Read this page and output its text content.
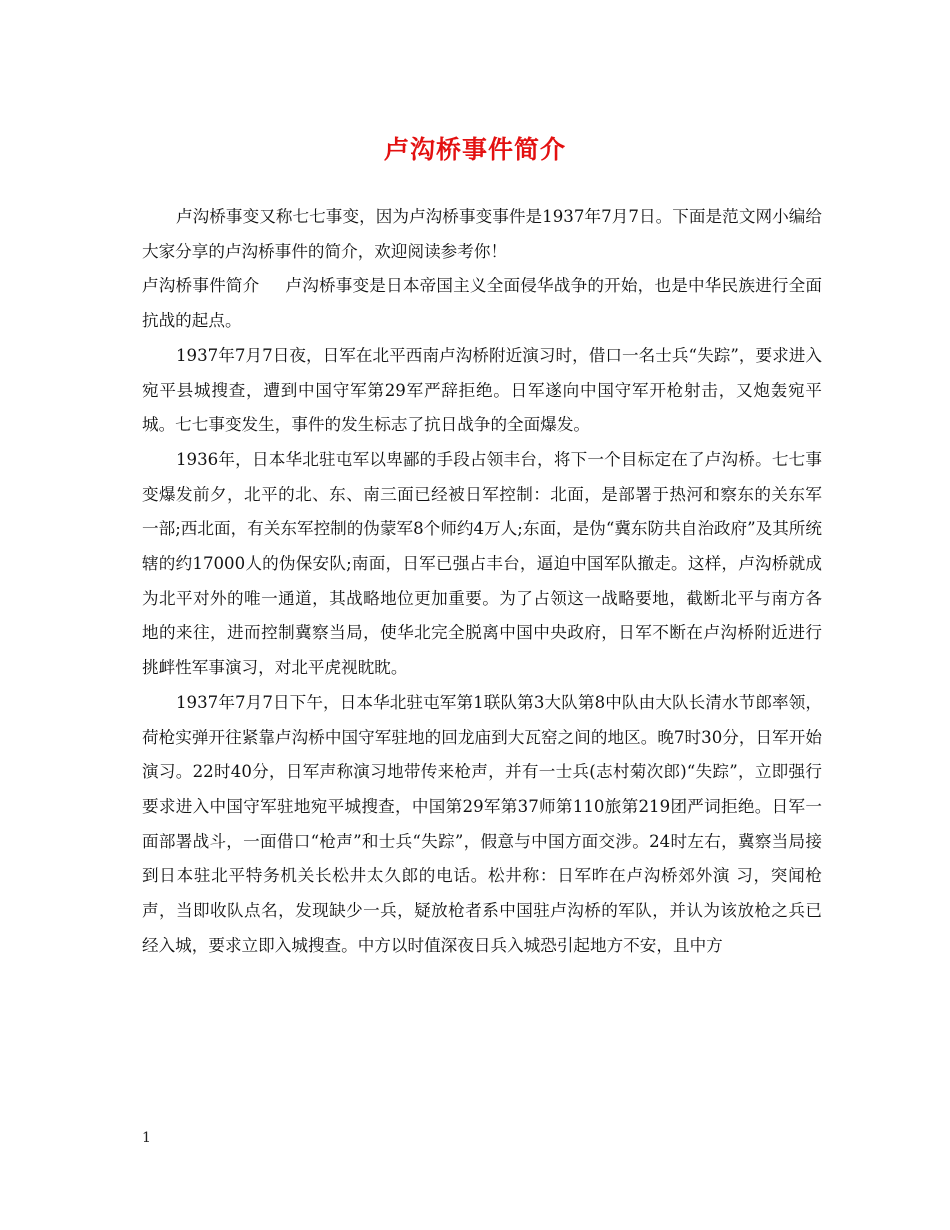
卢沟桥事件简介

卢沟桥事变又称七七事变，因为卢沟桥事变事件是1937年7月7日。下面是范文网小编给大家分享的卢沟桥事件的简介，欢迎阅读参考你！

卢沟桥事件简介 卢沟桥事变是日本帝国主义全面侵华战争的开始，也是中华民族进行全面抗战的起点。

1937年7月7日夜，日军在北平西南卢沟桥附近演习时，借口一名士兵“失踪”，要求进入宛平县城搜查，遭到中国守军第29军严辞拒绝。日军遂向中国守军开枪射击，又炮轰宛平城。七七事变发生，事件的发生标志了抗日战争的全面爆发。

1936年，日本华北驻屯军以卑鄙的手段占领丰台，将下一个目标定在了卢沟桥。七七事变爆发前夕，北平的北、东、南三面已经被日军控制：北面，是部署于热河和察东的关东军一部;西北面，有关东军控制的伪蒙军8个师约4万人;东面，是伪“冀东防共自治政府”及其所统辖的约17000人的伪保安队;南面，日军已强占丰台，逼迫中国军队撤走。这样，卢沟桥就成为北平对外的唯一通道，其战略地位更加重要。为了占领这一战略要地，截断北平与南方各地的来往，进而控制冀察当局，使华北完全脱离中国中央政府，日军不断在卢沟桥附近进行挑衅性军事演习，对北平虎视眈眈。

1937年7月7日下午，日本华北驻屯军第1联队第3大队第8中队由大队长清水节郎率领，荷枪实弹开往紧靠卢沟桥中国守军驻地的回龙庙到大瓦窑之间的地区。晚7时30分，日军开始演习。22时40分，日军声称演习地带传来枪声，并有一士兵(志村菊次郎)“失踪”，立即强行要求进入中国守军驻地宛平城搜查，中国第29军第37师第110旅第219团严词拒绝。日军一面部署战斗，一面借口“枪声”和士兵“失踪”，假意与中国方面交涉。24时左右，冀察当局接到日本驻北平特务机关长松井太久郎的电话。松井称：日军昨在卢沟桥郊外演 习，突闻枪声，当即收队点名，发现缺少一兵，疑放枪者系中国驻卢沟桥的军队，并认为该放枪之兵已经入城，要求立即入城搜查。中方以时值深夜日兵入城恐引起地方不安，且中方

1
